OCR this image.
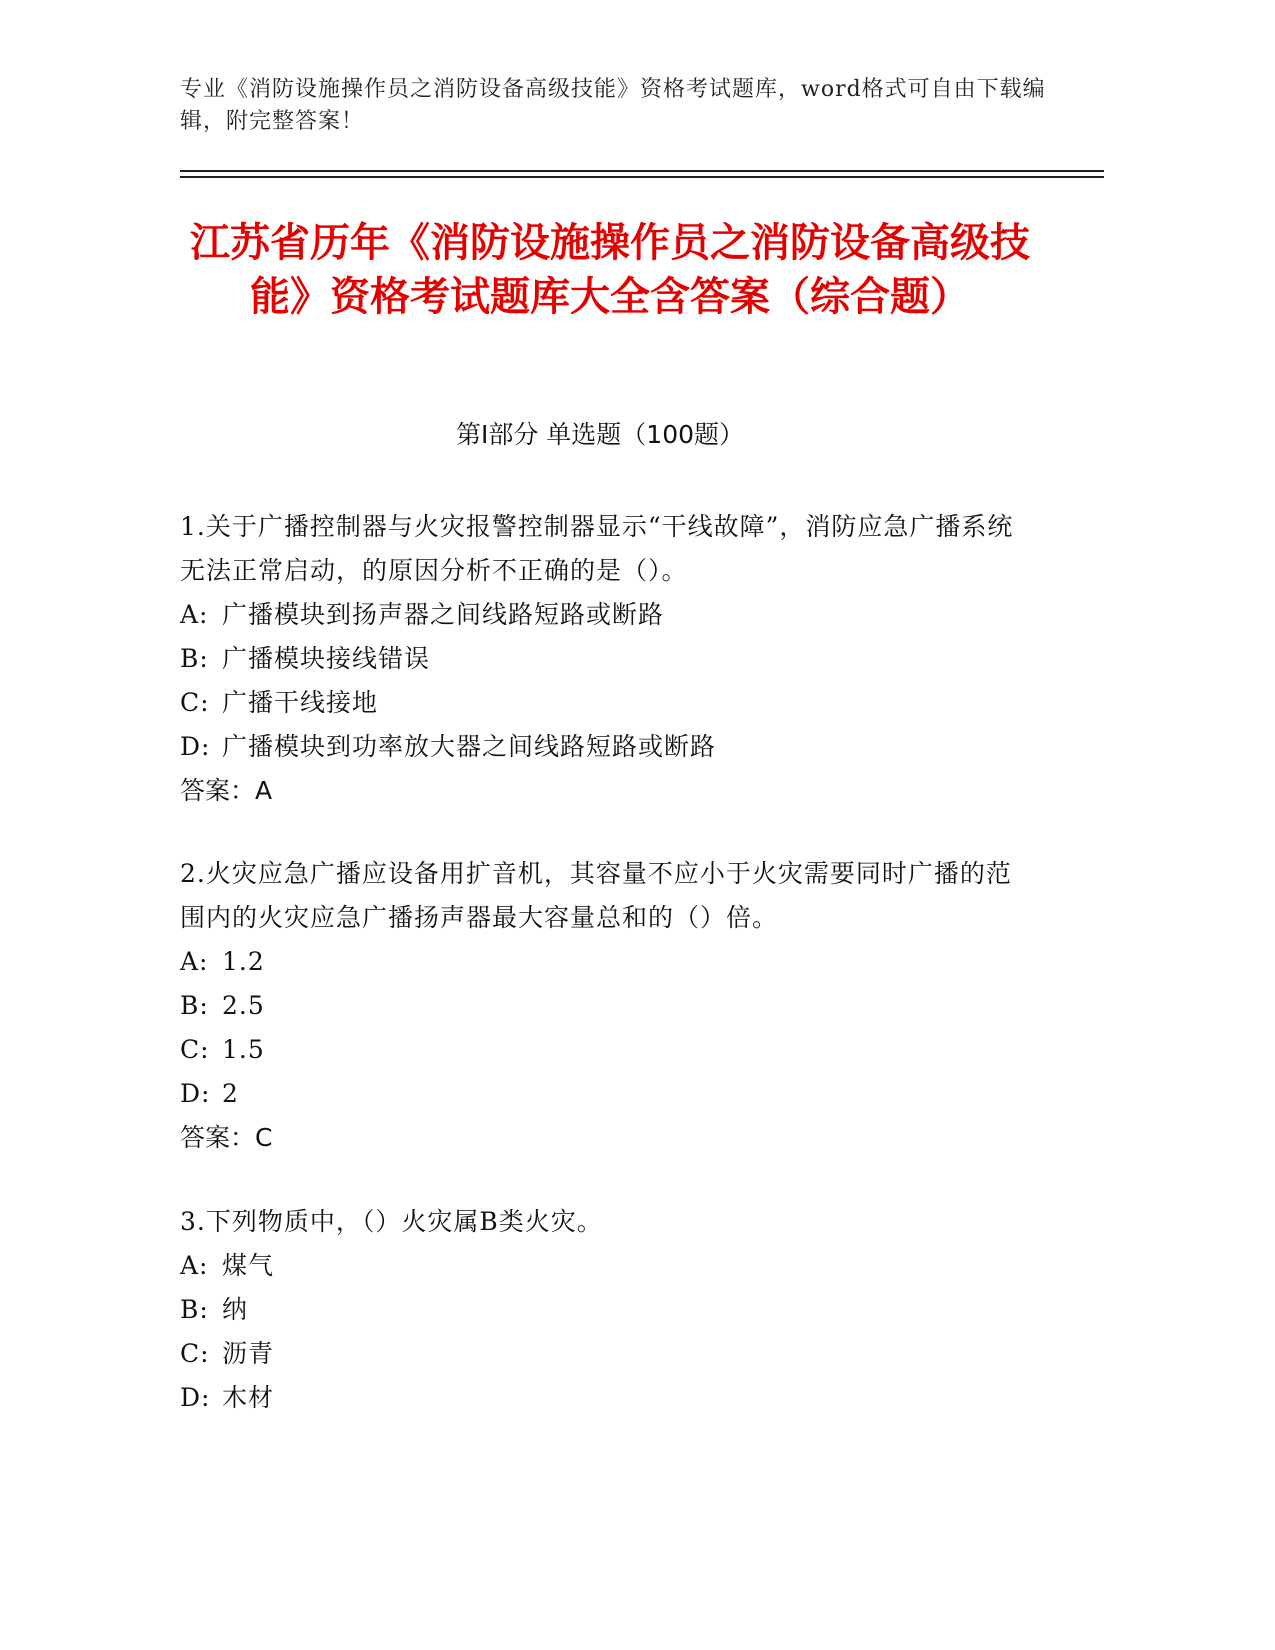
专业《消防设施操作员之消防设备高级技能》资格考试题库，word格式可自由下载编辑，附完整答案！
江苏省历年《消防设施操作员之消防设备高级技能》资格考试题库大全含答案（综合题）
第I部分 单选题（100题）
1.关于广播控制器与火灾报警控制器显示“干线故障”，消防应急广播系统无法正常启动，的原因分析不正确的是（）。
A: 广播模块到扬声器之间线路短路或断路
B: 广播模块接线错误
C: 广播干线接地
D: 广播模块到功率放大器之间线路短路或断路
答案：A
2.火灾应急广播应设备用扩音机，其容量不应小于火灾需要同时广播的范围内的火灾应急广播扬声器最大容量总和的（）倍。
A: 1.2
B: 2.5
C: 1.5
D: 2
答案：C
3.下列物质中，（）火灾属B类火灾。
A: 煤气
B: 纳
C: 沥青
D: 木材
